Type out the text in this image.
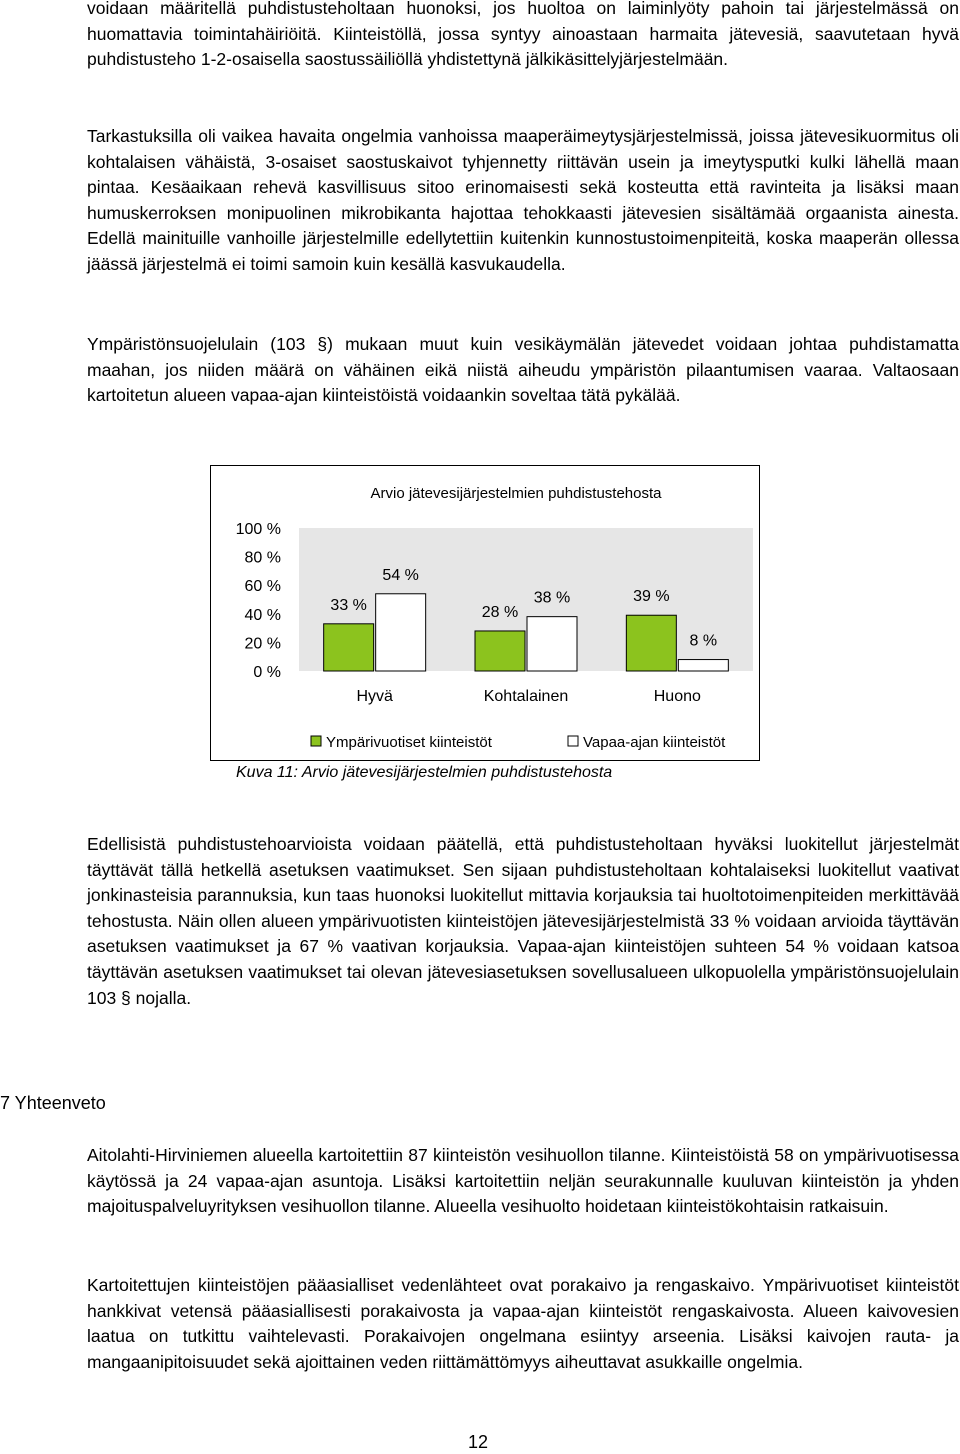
voidaan määritellä puhdistusteholtaan huonoksi, jos huoltoa on laiminlyöty pahoin tai järjestelmässä on huomattavia toimintahäiriöitä. Kiinteistöllä, jossa syntyy ainoastaan harmaita jätevesiä, saavutetaan hyvä puhdistusteho 1-2-osaisella saostussäiliöllä yhdistettynä jälkikäsittelyjärjestelmään.

Tarkastuksilla oli vaikea havaita ongelmia vanhoissa maaperäimeytysjärjestelmissä, joissa jätevesikuormitus oli kohtalaisen vähäistä, 3-osaiset saostuskaivot tyhjennetty riittävän usein ja imeytysputki kulki lähellä maan pintaa. Kesäaikaan rehevä kasvillisuus sitoo erinomaisesti sekä kosteutta että ravinteita ja lisäksi maan humuskerroksen monipuolinen mikrobikanta hajottaa tehokkaasti jätevesien sisältämää orgaanista ainesta. Edellä mainituille vanhoille järjestelmille edellytettiin kuitenkin kunnostustoimenpiteitä, koska maaperän ollessa jäässä järjestelmä ei toimi samoin kuin kesällä kasvukaudella.

Ympäristönsuojelulain (103 §) mukaan muut kuin vesikäymälän jätevedet voidaan johtaa puhdistamatta maahan, jos niiden määrä on vähäinen eikä niistä aiheudu ympäristön pilaantumisen vaaraa. Valtaosaan kartoitetun alueen vapaa-ajan kiinteistöistä voidaankin soveltaa tätä pykälää.

Arvio jätevesijärjestelmien puhdistustehosta
0 %
20 %
40 %
60 %
80 %
100 %
33 %
54 %
28 %
38 %	39 %
8 %
Hyvä	Kohtalainen	Huono
Ympärivuotiset kiinteistöt	Vapaa-ajan kiinteistöt

Kuva 11: Arvio jätevesijärjestelmien puhdistustehosta

Edellisistä puhdistustehoarvioista voidaan päätellä, että puhdistusteholtaan hyväksi luokitellut järjestelmät täyttävät tällä hetkellä asetuksen vaatimukset. Sen sijaan puhdistusteholtaan kohtalaiseksi luokitellut vaativat jonkinasteisia parannuksia, kun taas huonoksi luokitellut mittavia korjauksia tai huoltotoimenpiteiden merkittävää tehostusta. Näin ollen alueen ympärivuotisten kiinteistöjen jätevesijärjestelmistä 33 % voidaan arvioida täyttävän asetuksen vaatimukset ja 67 % vaativan korjauksia. Vapaa-ajan kiinteistöjen suhteen 54 % voidaan katsoa täyttävän asetuksen vaatimukset tai olevan jätevesiasetuksen sovellusalueen ulkopuolella ympäristönsuojelulain 103 § nojalla.

7 Yhteenveto

Aitolahti-Hirviniemen alueella kartoitettiin 87 kiinteistön vesihuollon tilanne. Kiinteistöistä 58 on ympärivuotisessa käytössä ja 24 vapaa-ajan asuntoja. Lisäksi kartoitettiin neljän seurakunnalle kuuluvan kiinteistön ja yhden majoituspalveluyrityksen vesihuollon tilanne. Alueella vesihuolto hoidetaan kiinteistökohtaisin ratkaisuin.

Kartoitettujen kiinteistöjen pääasialliset vedenlähteet ovat porakaivo ja rengaskaivo. Ympärivuotiset kiinteistöt hankkivat vetensä pääasiallisesti porakaivosta ja vapaa-ajan kiinteistöt rengaskaivosta. Alueen kaivovesien laatua on tutkittu vaihtelevasti. Porakaivojen ongelmana esiintyy arseenia. Lisäksi kaivojen rauta- ja mangaanipitoisuudet sekä ajoittainen veden riittämättömyys aiheuttavat asukkaille ongelmia.

12
